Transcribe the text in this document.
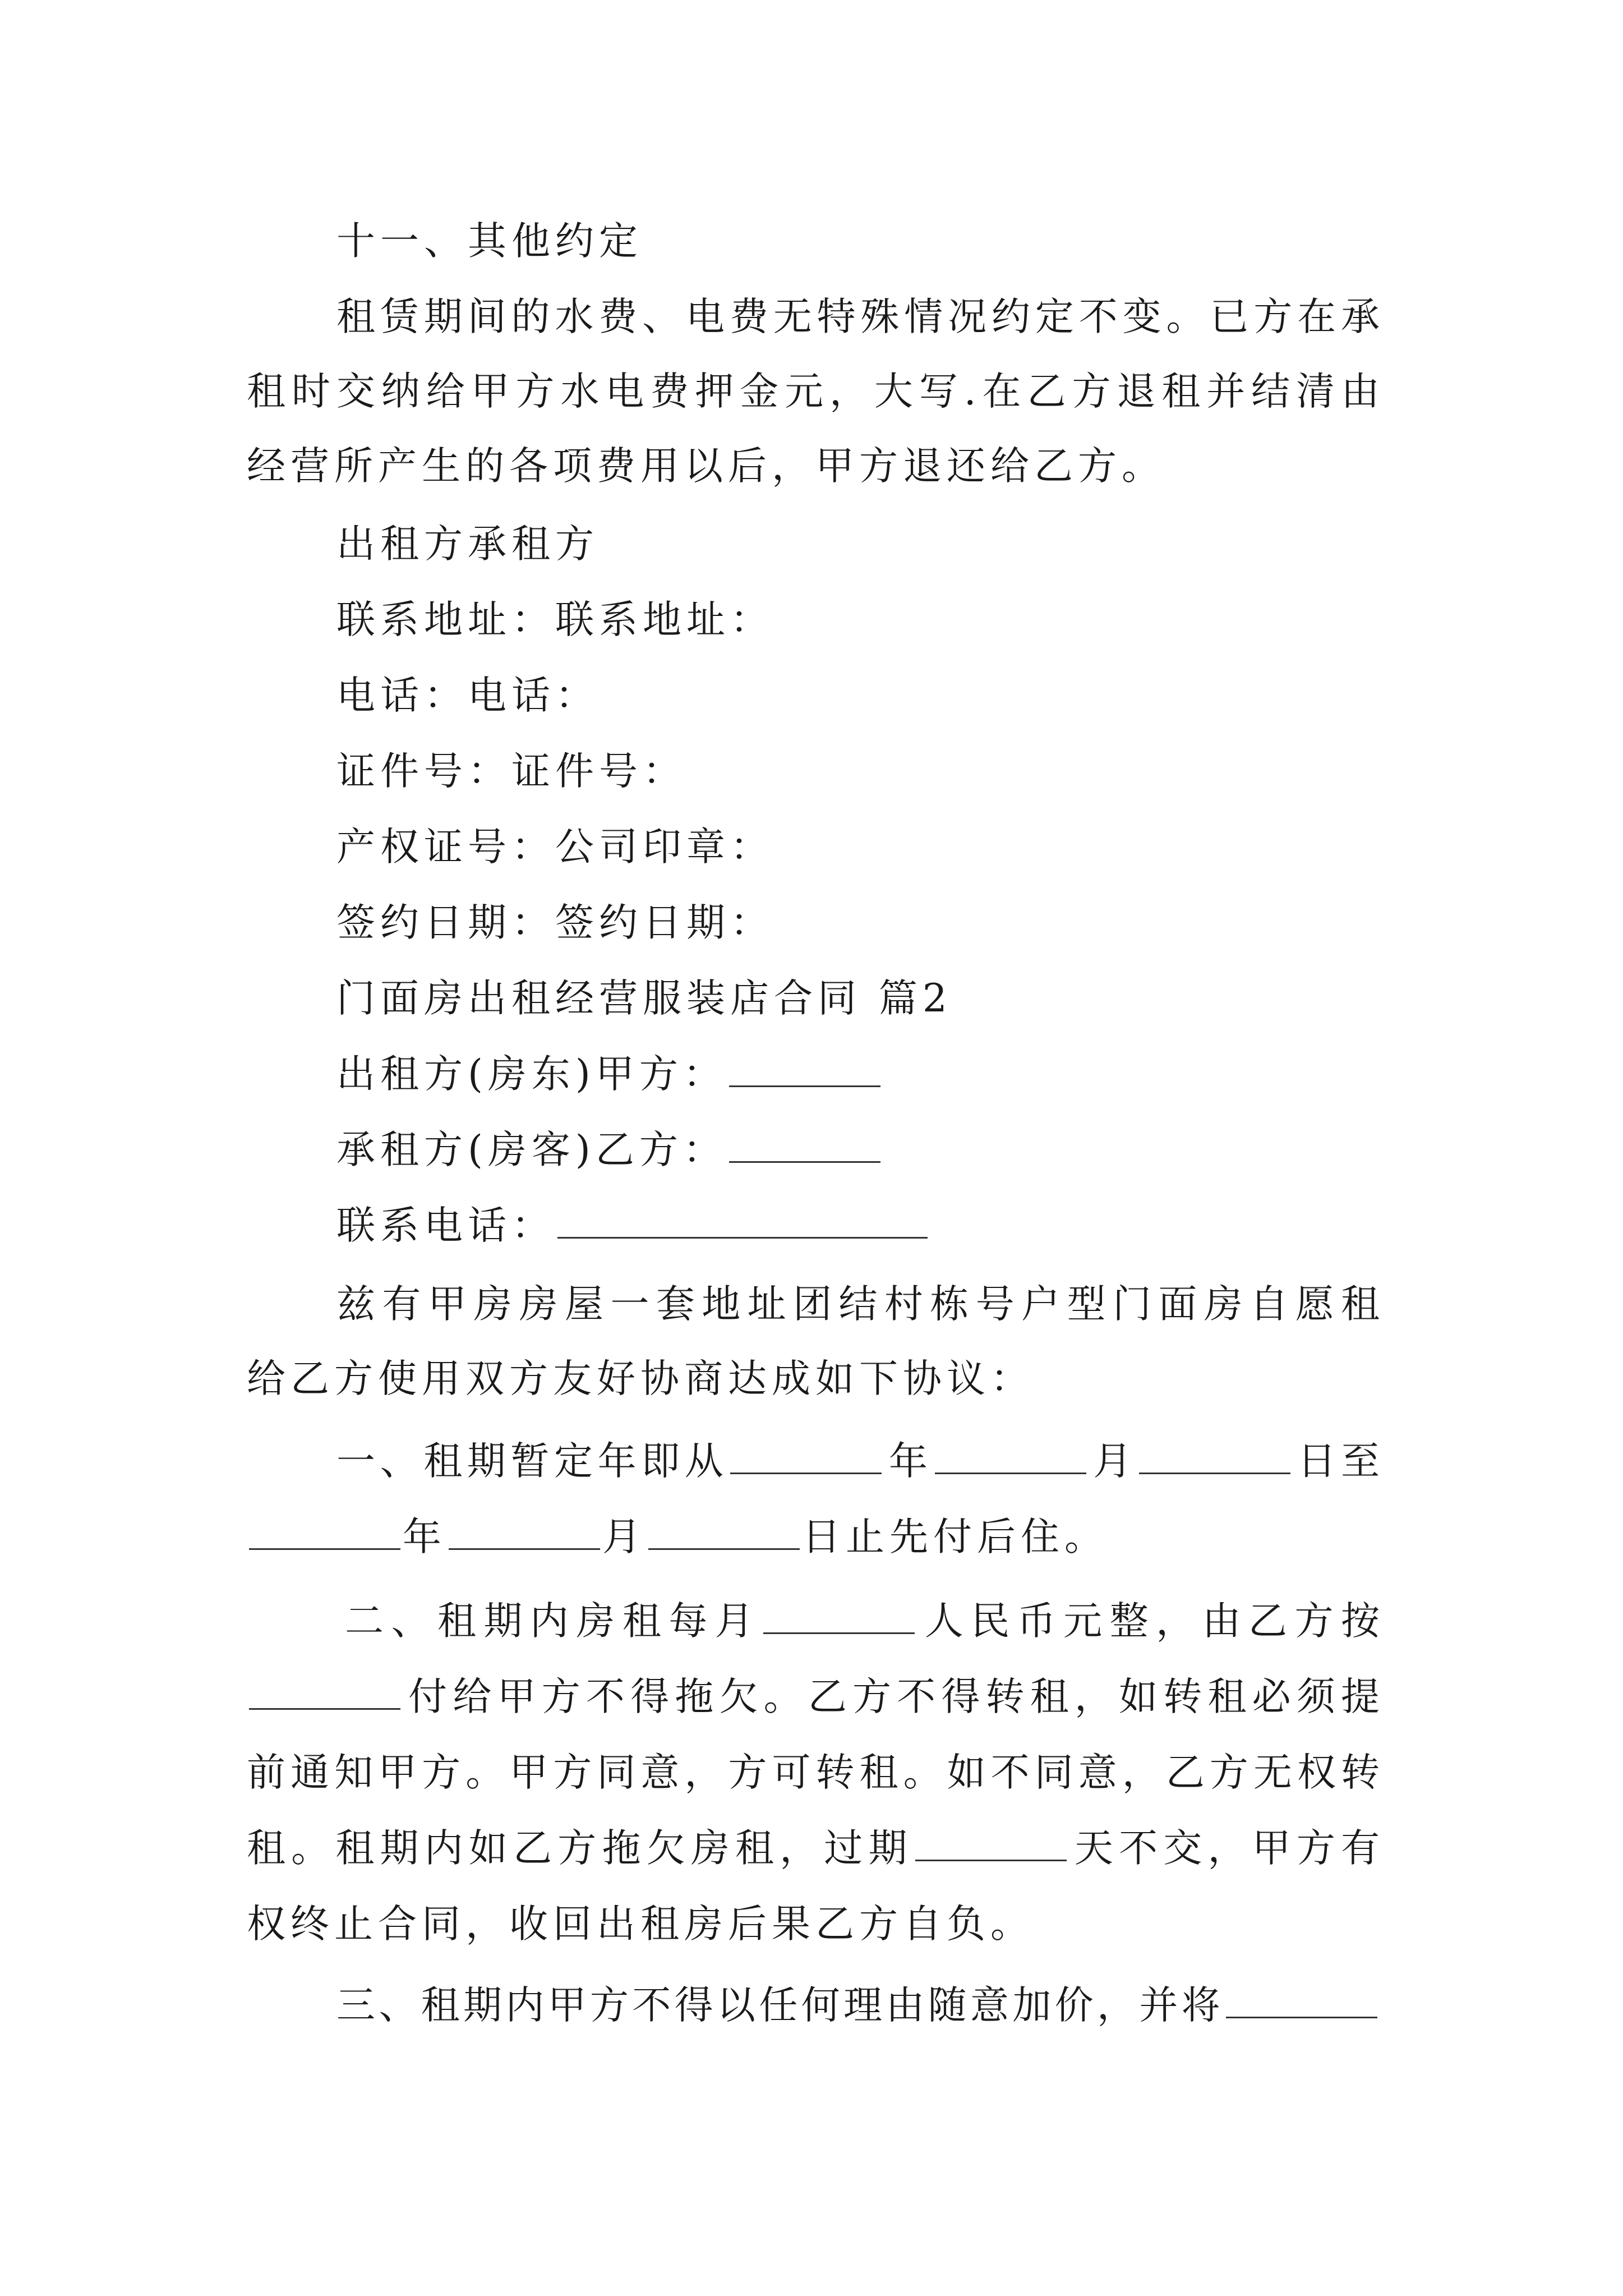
十一、其他约定
租赁期间的水费、电费无特殊情况约定不变。已方在承
租时交纳给甲方水电费押金元，大写.在乙方退租并结清由
经营所产生的各项费用以后，甲方退还给乙方。
出租方承租方
联系地址：联系地址：
电话：电话：
证件号：证件号：
产权证号：公司印章：
签约日期：签约日期：
门面房出租经营服装店合同 篇2
出租方(房东)甲方：
承租方(房客)乙方：
联系电话：
兹有甲房房屋一套地址团结村栋号户型门面房自愿租
给乙方使用双方友好协商达成如下协议：
一、租期暂定年即从	年	月	日至
年	月	日止先付后住。
二、租期内房租每月	人民币元整，由乙方按
付给甲方不得拖欠。乙方不得转租，如转租必须提
前通知甲方。甲方同意，方可转租。如不同意，乙方无权转
租。租期内如乙方拖欠房租，过期	天不交，甲方有
权终止合同，收回出租房后果乙方自负。
三、租期内甲方不得以任何理由随意加价，并将
